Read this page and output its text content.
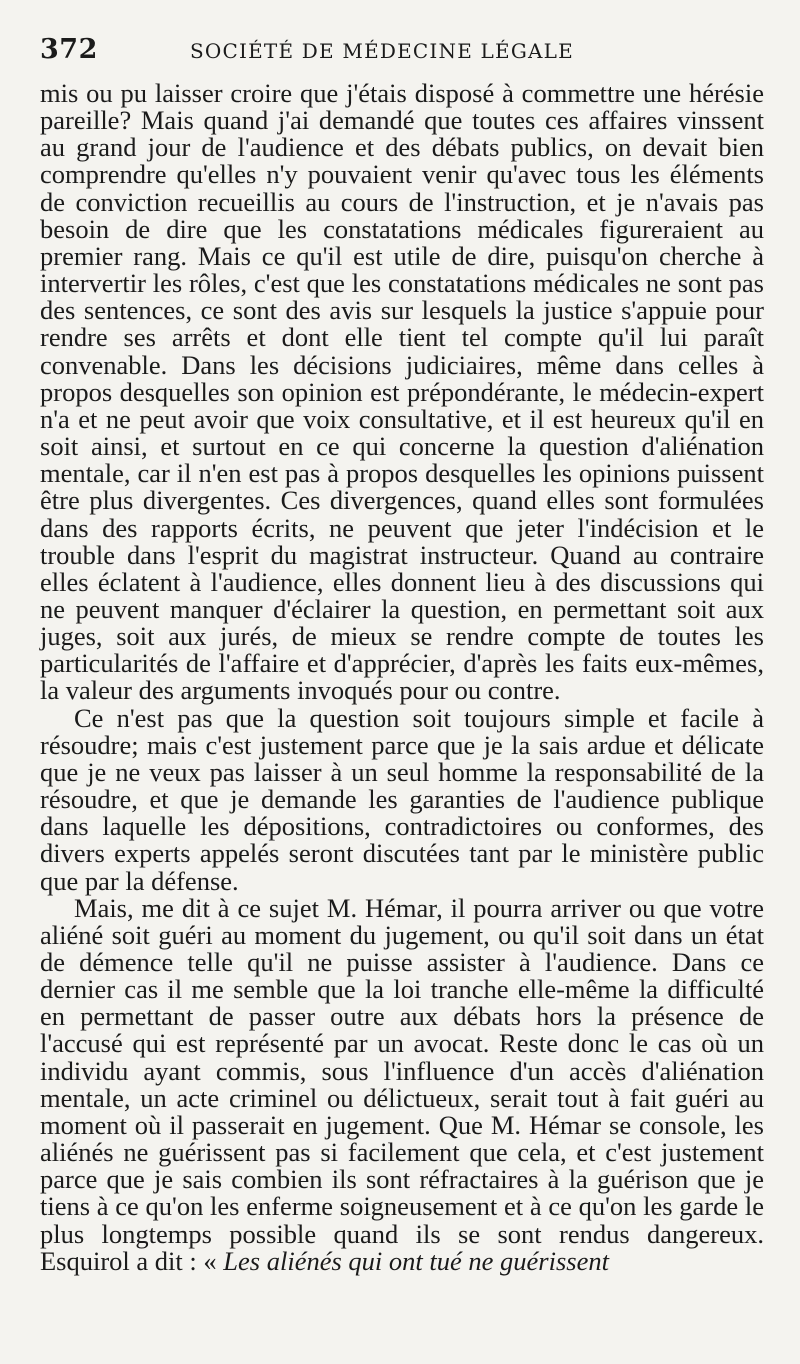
372	SOCIÉTÉ DE MÉDECINE LÉGALE

mis ou pu laisser croire que j'étais disposé à commettre une hérésie pareille? Mais quand j'ai demandé que toutes ces affaires vinssent au grand jour de l'audience et des débats publics, on devait bien comprendre qu'elles n'y pouvaient venir qu'avec tous les éléments de conviction recueillis au cours de l'instruction, et je n'avais pas besoin de dire que les constatations médicales figureraient au premier rang. Mais ce qu'il est utile de dire, puisqu'on cherche à intervertir les rôles, c'est que les constatations médicales ne sont pas des sentences, ce sont des avis sur lesquels la justice s'appuie pour rendre ses arrêts et dont elle tient tel compte qu'il lui paraît convenable. Dans les décisions judiciaires, même dans celles à propos desquelles son opinion est prépondérante, le médecin-expert n'a et ne peut avoir que voix consultative, et il est heureux qu'il en soit ainsi, et surtout en ce qui concerne la question d'aliénation mentale, car il n'en est pas à propos desquelles les opinions puissent être plus divergentes. Ces divergences, quand elles sont formulées dans des rapports écrits, ne peuvent que jeter l'indécision et le trouble dans l'esprit du magistrat instructeur. Quand au contraire elles éclatent à l'audience, elles donnent lieu à des discussions qui ne peuvent manquer d'éclairer la question, en permettant soit aux juges, soit aux jurés, de mieux se rendre compte de toutes les particularités de l'affaire et d'apprécier, d'après les faits eux-mêmes, la valeur des arguments invoqués pour ou contre.

Ce n'est pas que la question soit toujours simple et facile à résoudre; mais c'est justement parce que je la sais ardue et délicate que je ne veux pas laisser à un seul homme la responsabilité de la résoudre, et que je demande les garanties de l'audience publique dans laquelle les dépositions, contradictoires ou conformes, des divers experts appelés seront discutées tant par le ministère public que par la défense.

Mais, me dit à ce sujet M. Hémar, il pourra arriver ou que votre aliéné soit guéri au moment du jugement, ou qu'il soit dans un état de démence telle qu'il ne puisse assister à l'audience. Dans ce dernier cas il me semble que la loi tranche elle-même la difficulté en permettant de passer outre aux débats hors la présence de l'accusé qui est représenté par un avocat. Reste donc le cas où un individu ayant commis, sous l'influence d'un accès d'aliénation mentale, un acte criminel ou délictueux, serait tout à fait guéri au moment où il passerait en jugement. Que M. Hémar se console, les aliénés ne guérissent pas si facilement que cela, et c'est justement parce que je sais combien ils sont réfractaires à la guérison que je tiens à ce qu'on les enferme soigneusement et à ce qu'on les garde le plus longtemps possible quand ils se sont rendus dangereux. Esquirol a dit : « Les aliénés qui ont tué ne guérissent
